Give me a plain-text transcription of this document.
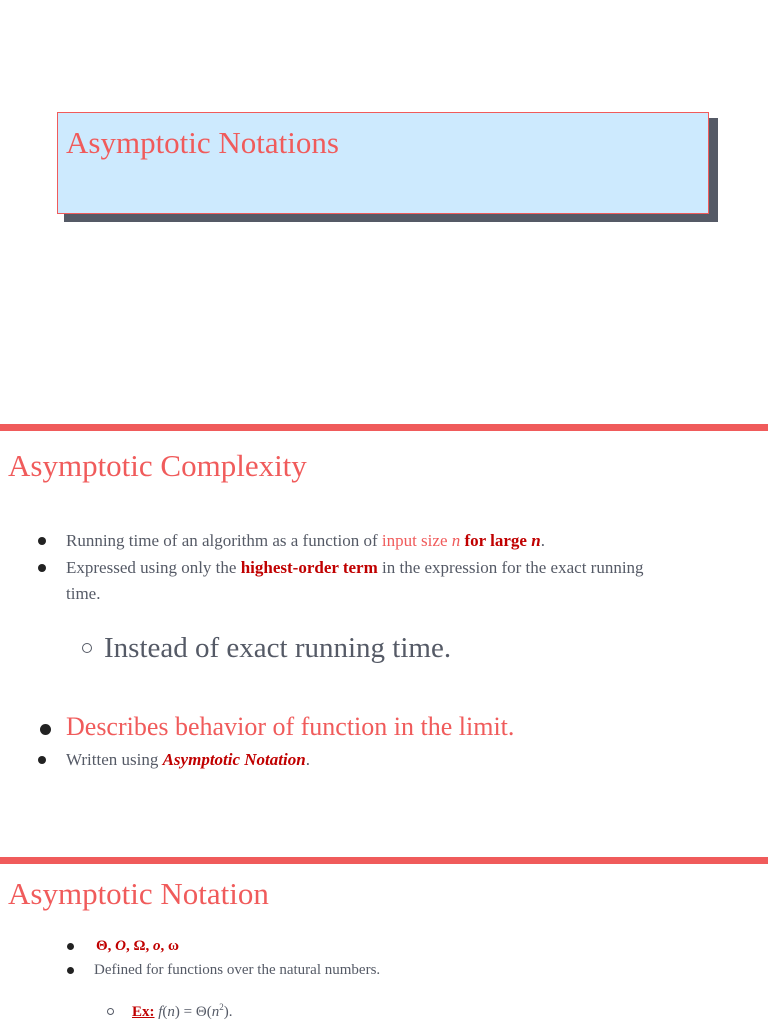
Asymptotic Notations
Asymptotic Complexity

Running time of an algorithm as a function of input size n for large n.

Expressed using only the highest-order term in the expression for the exact running

time.

Instead of exact running time.

Describes behavior of function in the limit.

Written using Asymptotic Notation.

Asymptotic Notation

Θ, O, Ω, o, ω

Defined for functions over the natural numbers.

Ex: $f(n) = \Theta(n^2)$.
